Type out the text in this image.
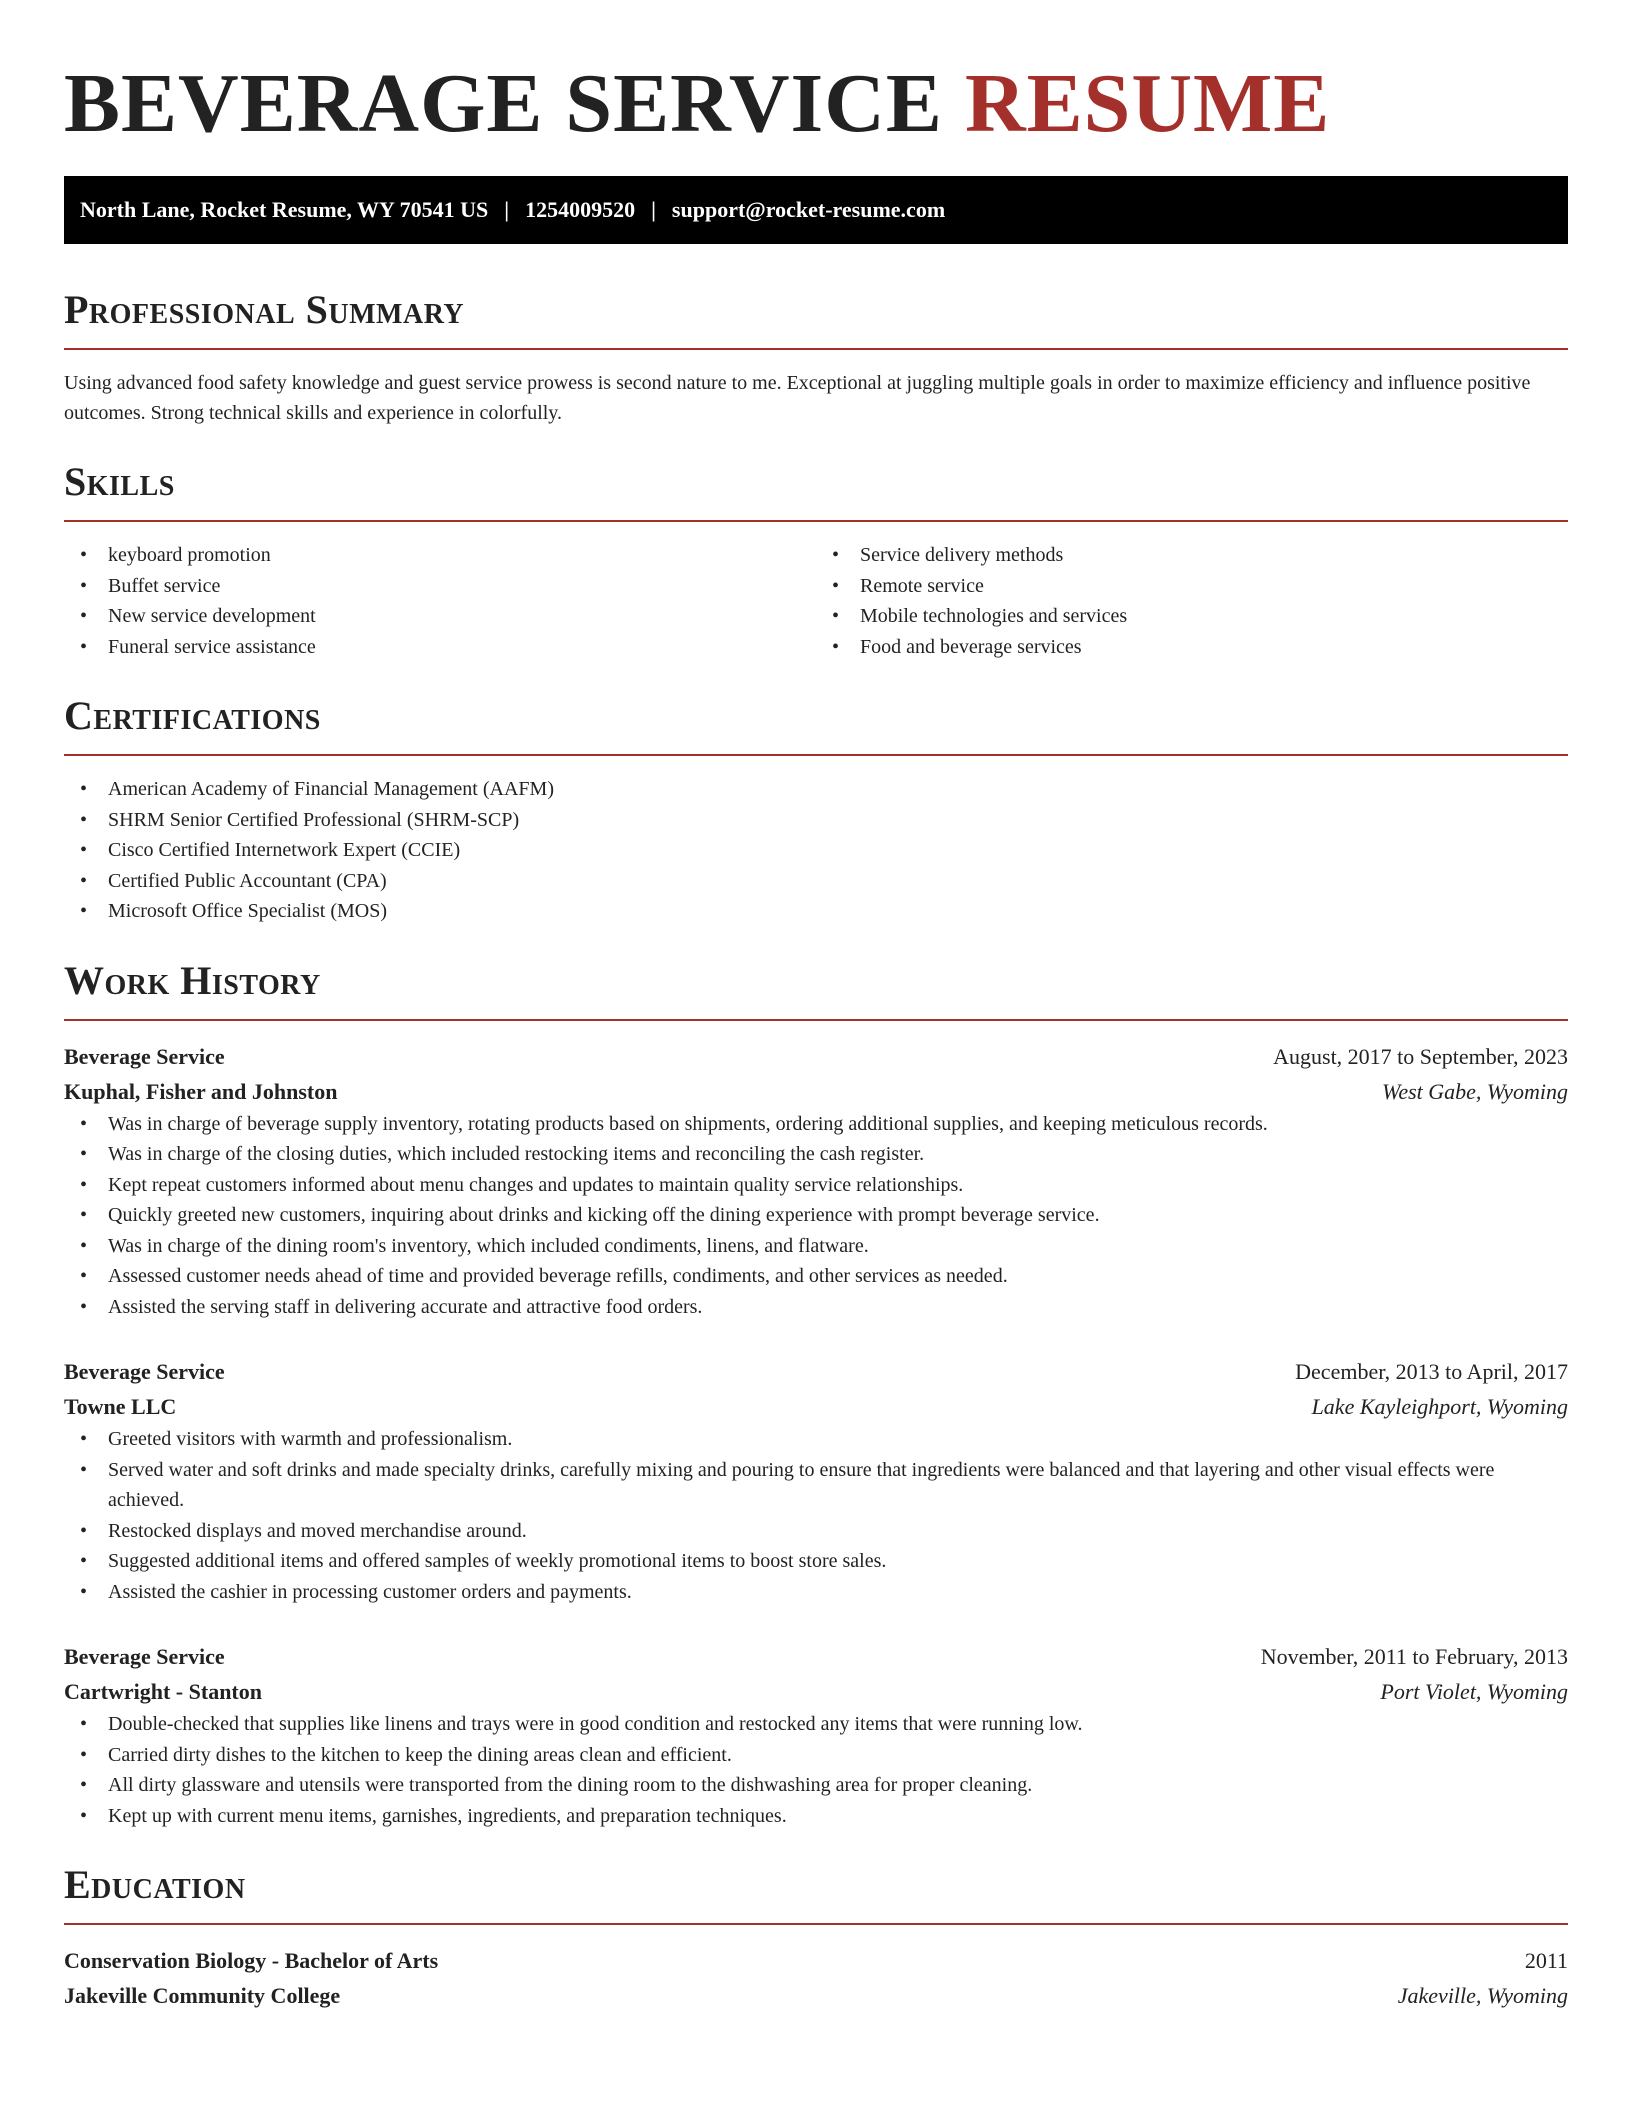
BEVERAGE SERVICE RESUME
North Lane, Rocket Resume, WY 70541 US | 1254009520 | support@rocket-resume.com
Professional Summary

Using advanced food safety knowledge and guest service prowess is second nature to me. Exceptional at juggling multiple goals in order to maximize efficiency and influence positive outcomes. Strong technical skills and experience in colorfully.

Skills
• keyboard promotion
• Buffet service
• New service development
• Funeral service assistance
• Service delivery methods
• Remote service
• Mobile technologies and services
• Food and beverage services
Certifications
• American Academy of Financial Management (AAFM)
• SHRM Senior Certified Professional (SHRM-SCP)
• Cisco Certified Internetwork Expert (CCIE)
• Certified Public Accountant (CPA)
• Microsoft Office Specialist (MOS)
Work History
Beverage Service	August, 2017 to September, 2023
Kuphal, Fisher and Johnston	West Gabe, Wyoming
• Was in charge of beverage supply inventory, rotating products based on shipments, ordering additional supplies, and keeping meticulous records.
• Was in charge of the closing duties, which included restocking items and reconciling the cash register.
• Kept repeat customers informed about menu changes and updates to maintain quality service relationships.
• Quickly greeted new customers, inquiring about drinks and kicking off the dining experience with prompt beverage service.
• Was in charge of the dining room's inventory, which included condiments, linens, and flatware.
• Assessed customer needs ahead of time and provided beverage refills, condiments, and other services as needed.
• Assisted the serving staff in delivering accurate and attractive food orders.
Beverage Service	December, 2013 to April, 2017
Towne LLC	Lake Kayleighport, Wyoming
• Greeted visitors with warmth and professionalism.
• Served water and soft drinks and made specialty drinks, carefully mixing and pouring to ensure that ingredients were balanced and that layering and other visual effects were achieved.
• Restocked displays and moved merchandise around.
• Suggested additional items and offered samples of weekly promotional items to boost store sales.
• Assisted the cashier in processing customer orders and payments.
Beverage Service	November, 2011 to February, 2013
Cartwright - Stanton	Port Violet, Wyoming
• Double-checked that supplies like linens and trays were in good condition and restocked any items that were running low.
• Carried dirty dishes to the kitchen to keep the dining areas clean and efficient.
• All dirty glassware and utensils were transported from the dining room to the dishwashing area for proper cleaning.
• Kept up with current menu items, garnishes, ingredients, and preparation techniques.
Education
Conservation Biology - Bachelor of Arts	2011
Jakeville Community College	Jakeville, Wyoming
